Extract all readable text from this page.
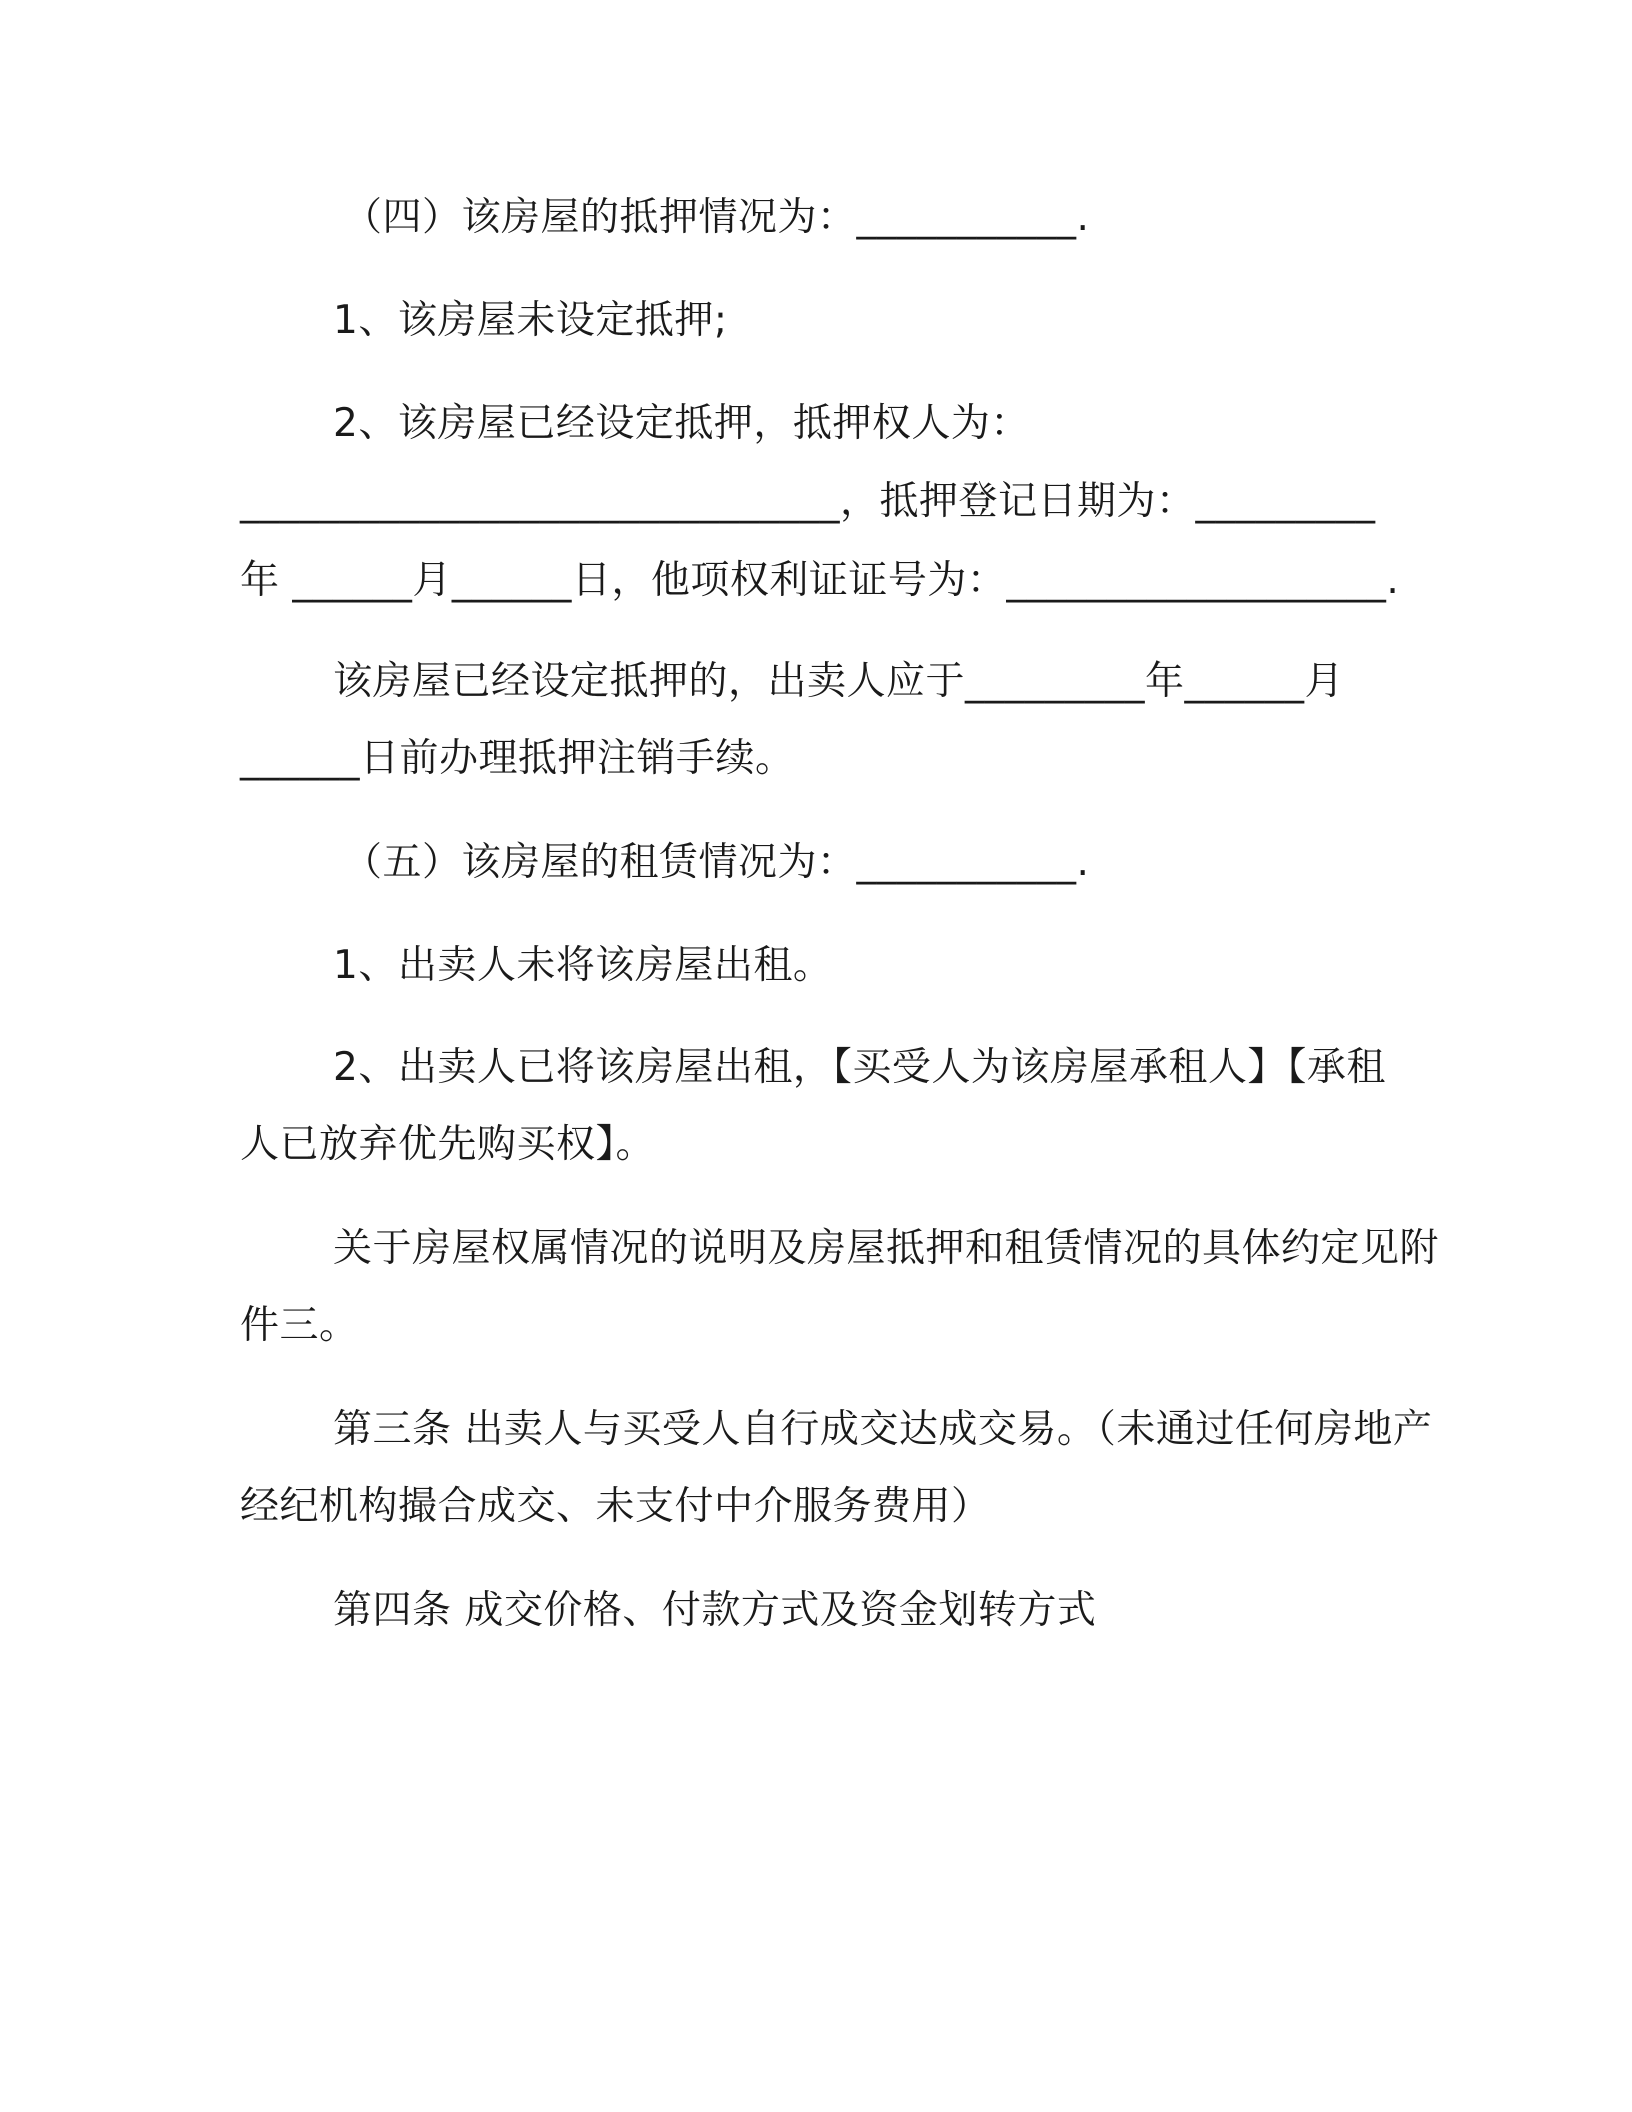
（四）该房屋的抵押情况为：___________.
1、该房屋未设定抵押;
2、该房屋已经设定抵押，抵押权人为：
______________________________，抵押登记日期为：_________
年 ______月______日，他项权利证证号为：___________________.
该房屋已经设定抵押的，出卖人应于_________年______月
______日前办理抵押注销手续。
（五）该房屋的租赁情况为：___________.
1、出卖人未将该房屋出租。
2、出卖人已将该房屋出租，【买受人为该房屋承租人】【承租
人已放弃优先购买权】。
关于房屋权属情况的说明及房屋抵押和租赁情况的具体约定见附
件三。
第三条 出卖人与买受人自行成交达成交易。（未通过任何房地产
经纪机构撮合成交、未支付中介服务费用）
第四条 成交价格、付款方式及资金划转方式
